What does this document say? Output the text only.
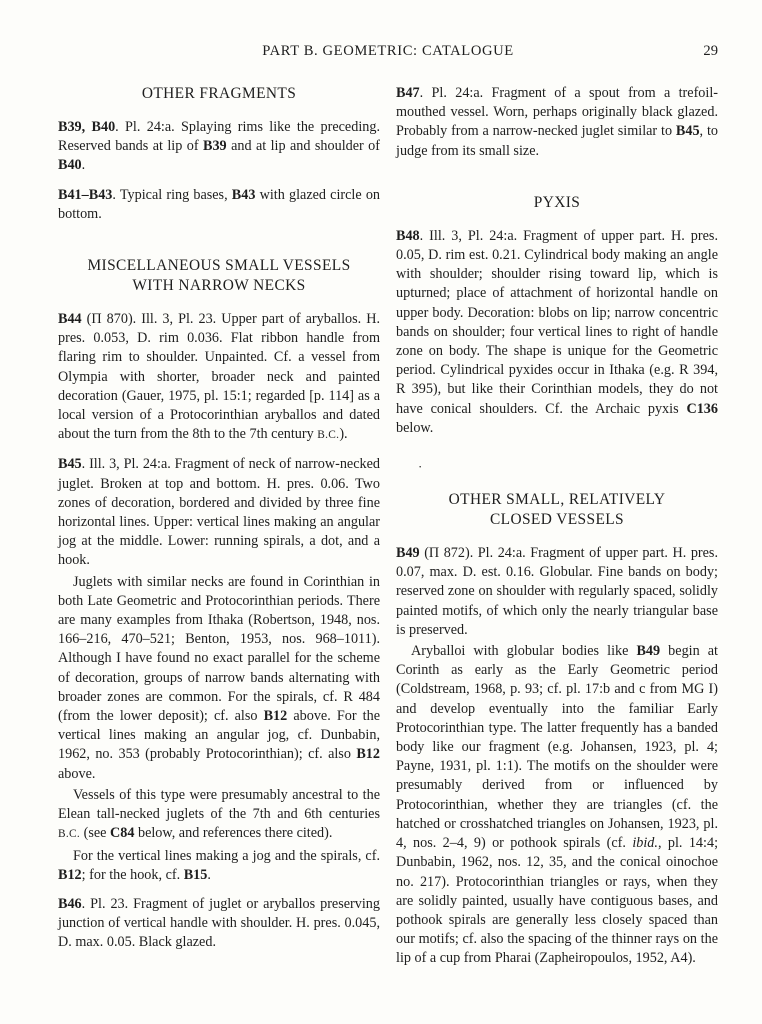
PART B. GEOMETRIC: CATALOGUE	29
OTHER FRAGMENTS
B39, B40. Pl. 24:a. Splaying rims like the preceding. Reserved bands at lip of B39 and at lip and shoulder of B40.
B41–B43. Typical ring bases, B43 with glazed circle on bottom.
MISCELLANEOUS SMALL VESSELS
WITH NARROW NECKS
B44 (Π 870). Ill. 3, Pl. 23. Upper part of aryballos. H. pres. 0.053, D. rim 0.036. Flat ribbon handle from flaring rim to shoulder. Unpainted. Cf. a vessel from Olympia with shorter, broader neck and painted decoration (Gauer, 1975, pl. 15:1; regarded [p. 114] as a local version of a Protocorinthian aryballos and dated about the turn from the 8th to the 7th century B.C.).
B45. Ill. 3, Pl. 24:a. Fragment of neck of narrow-necked juglet. Broken at top and bottom. H. pres. 0.06. Two zones of decoration, bordered and divided by three fine horizontal lines. Upper: vertical lines making an angular jog at the middle. Lower: running spirals, a dot, and a hook.
Juglets with similar necks are found in Corinthian in both Late Geometric and Protocorinthian periods. There are many examples from Ithaka (Robertson, 1948, nos. 166–216, 470–521; Benton, 1953, nos. 968–1011). Although I have found no exact parallel for the scheme of decoration, groups of narrow bands alternating with broader zones are common. For the spirals, cf. R 484 (from the lower deposit); cf. also B12 above. For the vertical lines making an angular jog, cf. Dunbabin, 1962, no. 353 (probably Protocorinthian); cf. also B12 above.
Vessels of this type were presumably ancestral to the Elean tall-necked juglets of the 7th and 6th centuries B.C. (see C84 below, and references there cited).
For the vertical lines making a jog and the spirals, cf. B12; for the hook, cf. B15.
B46. Pl. 23. Fragment of juglet or aryballos preserving junction of vertical handle with shoulder. H. pres. 0.045, D. max. 0.05. Black glazed.
B47. Pl. 24:a. Fragment of a spout from a trefoil-mouthed vessel. Worn, perhaps originally black glazed. Probably from a narrow-necked juglet similar to B45, to judge from its small size.
PYXIS
B48. Ill. 3, Pl. 24:a. Fragment of upper part. H. pres. 0.05, D. rim est. 0.21. Cylindrical body making an angle with shoulder; shoulder rising toward lip, which is upturned; place of attachment of horizontal handle on upper body. Decoration: blobs on lip; narrow concentric bands on shoulder; four vertical lines to right of handle zone on body. The shape is unique for the Geometric period. Cylindrical pyxides occur in Ithaka (e.g. R 394, R 395), but like their Corinthian models, they do not have conical shoulders. Cf. the Archaic pyxis C136 below.
·
OTHER SMALL, RELATIVELY
CLOSED VESSELS
B49 (Π 872). Pl. 24:a. Fragment of upper part. H. pres. 0.07, max. D. est. 0.16. Globular. Fine bands on body; reserved zone on shoulder with regularly spaced, solidly painted motifs, of which only the nearly triangular base is preserved.
Aryballoi with globular bodies like B49 begin at Corinth as early as the Early Geometric period (Coldstream, 1968, p. 93; cf. pl. 17:b and c from MG I) and develop eventually into the familiar Early Protocorinthian type. The latter frequently has a banded body like our fragment (e.g. Johansen, 1923, pl. 4; Payne, 1931, pl. 1:1). The motifs on the shoulder were presumably derived from or influenced by Protocorinthian, whether they are triangles (cf. the hatched or crosshatched triangles on Johansen, 1923, pl. 4, nos. 2–4, 9) or pothook spirals (cf. ibid., pl. 14:4; Dunbabin, 1962, nos. 12, 35, and the conical oinochoe no. 217). Protocorinthian triangles or rays, when they are solidly painted, usually have contiguous bases, and pothook spirals are generally less closely spaced than our motifs; cf. also the spacing of the thinner rays on the lip of a cup from Pharai (Zapheiropoulos, 1952, A4).
